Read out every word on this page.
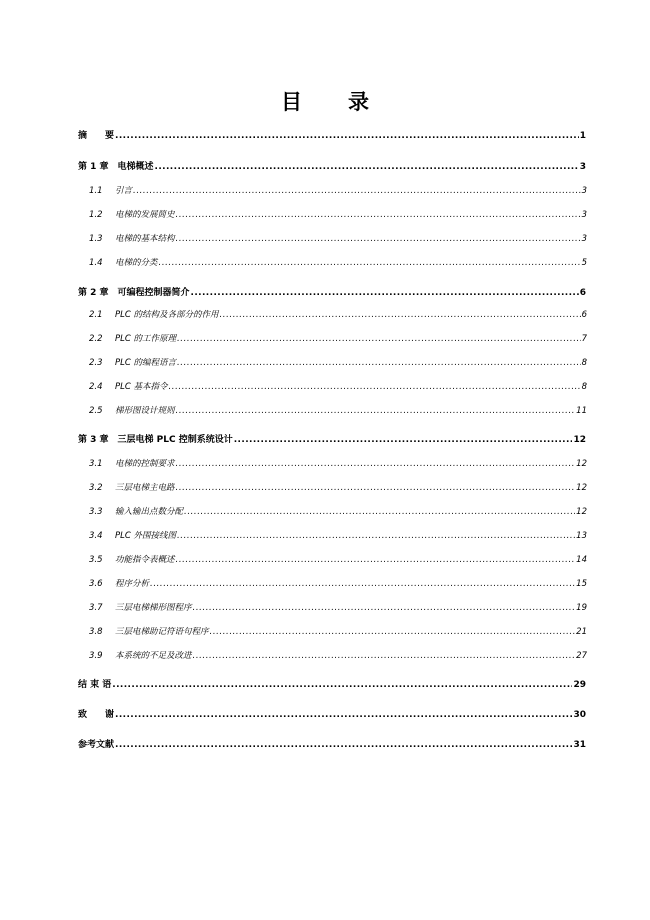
目 录
摘　　要 .....	1
第 1 章　电梯概述 .....	3
1.1	引言 .....	3
1.2	电梯的发展简史 .....	3
1.3	电梯的基本结构 .....	3
1.4	电梯的分类 .....	5
第 2 章　可编程控制器简介 .....	6
2.1	PLC 的结构及各部分的作用 .....	6
2.2	PLC 的工作原理 .....	7
2.3	PLC 的编程语言 .....	8
2.4	PLC 基本指令 .....	8
2.5	梯形图设计规则 .....	11
第 3 章　三层电梯 PLC 控制系统设计 .....	12
3.1	电梯的控制要求 .....	12
3.2	三层电梯主电路 .....	12
3.3	输入输出点数分配 .....	12
3.4	PLC 外围接线图 .....	13
3.5	功能指令表概述 .....	14
3.6	程序分析 .....	15
3.7	三层电梯梯形图程序 .....	19
3.8	三层电梯助记符语句程序 .....	21
3.9	本系统的不足及改进 .....	27
结 束 语 .....	29
致　　谢 .....	30
参考文献 .....	31
